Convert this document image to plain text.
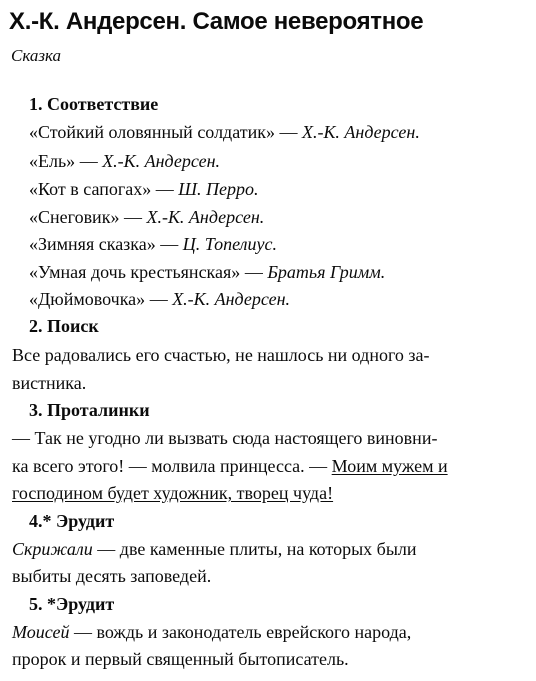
Х.-К. Андерсен. Самое невероятное
Сказка
1. Соответствие
«Стойкий оловянный солдатик» — Х.-К. Андерсен.
«Ель» — Х.-К. Андерсен.
«Кот в сапогах» — Ш. Перро.
«Снеговик» — Х.-К. Андерсен.
«Зимняя сказка» — Ц. Топелиус.
«Умная дочь крестьянская» — Братья Гримм.
«Дюймовочка» — Х.-К. Андерсен.
2. Поиск
Все радовались его счастью, не нашлось ни одного за-
вистника.
3. Проталинки
— Так не угодно ли вызвать сюда настоящего виновни-
ка всего этого! — молвила принцесса. — Моим мужем и
господином будет художник, творец чуда!
4.* Эрудит
Скрижали — две каменные плиты, на которых были
выбиты десять заповедей.
5. *Эрудит
Моисей — вождь и законодатель еврейского народа,
пророк и первый священный бытописатель.
